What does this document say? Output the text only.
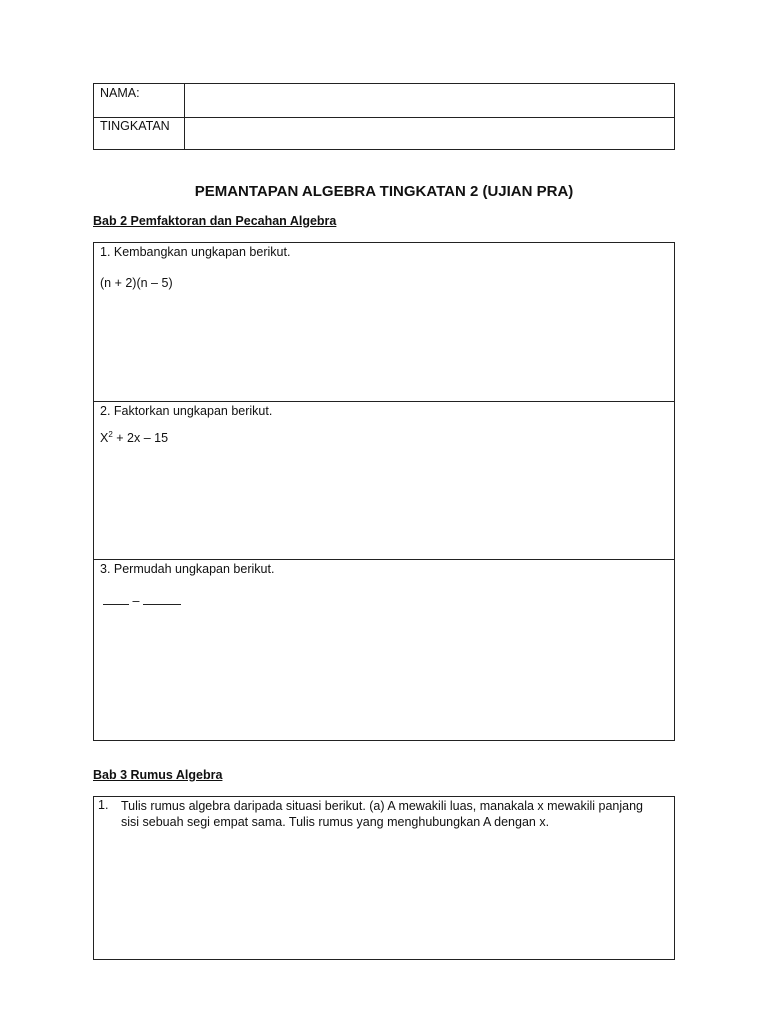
NAMA:
TINGKATAN
PEMANTAPAN ALGEBRA TINGKATAN 2 (UJIAN PRA)
Bab 2 Pemfaktoran dan Pecahan Algebra
1. Kembangkan ungkapan berikut.
(n + 2)(n – 5)
2. Faktorkan ungkapan berikut.
$X^2 + 2x - 15$
3. Permudah ungkapan berikut.
–
Bab 3 Rumus Algebra
1. Tulis rumus algebra daripada situasi berikut. (a) A mewakili luas, manakala x mewakili panjang sisi sebuah segi empat sama. Tulis rumus yang menghubungkan A dengan x.
